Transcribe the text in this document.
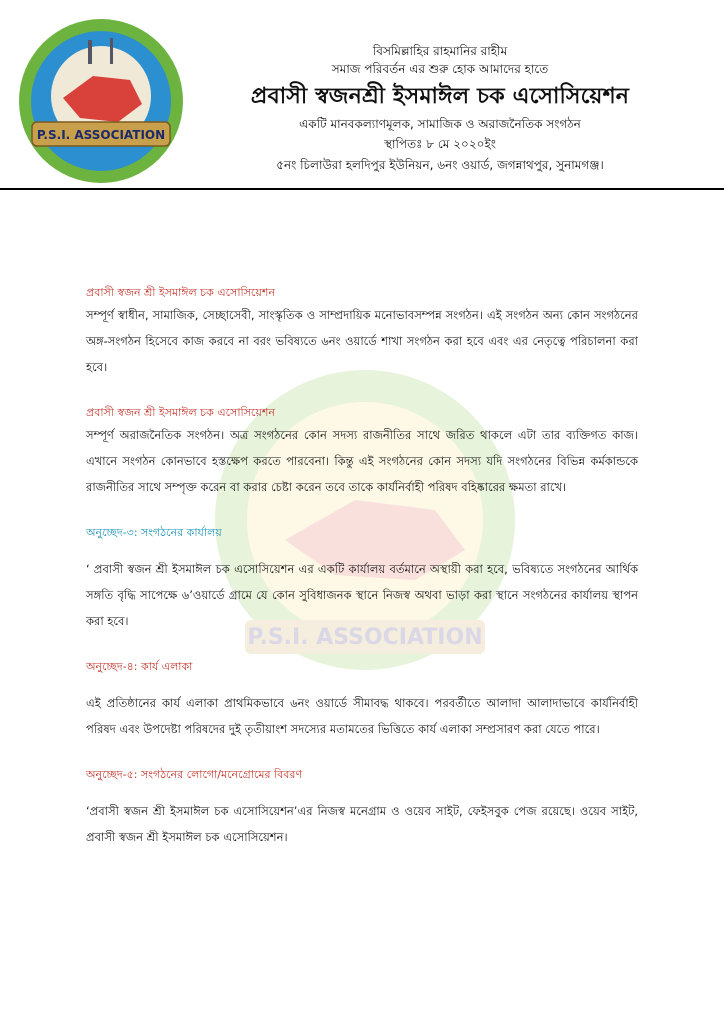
P.S.I. ASSOCIATION
P.S.I. ASSOCIATION
বিসমিল্লাহির রাহমানির রাহীম
সমাজ পরিবর্তন এর শুরু হোক আমাদের হাতে
প্রবাসী স্বজনশ্রী ইসমাঈল চক এসোসিয়েশন
একটি মানবকল্যাণমূলক, সামাজিক ও অরাজনৈতিক সংগঠন
স্থাপিতঃ ৮ মে ২০২০ইং
৫নং চিলাউরা হলদিপুর ইউনিয়ন, ৬নং ওয়ার্ড, জগন্নাথপুর, সুনামগঞ্জ।
প্রবাসী স্বজন শ্রী ইসমাঈল চক এসোসিয়েশন
সম্পূর্ণ স্বাধীন, সামাজিক, সেচ্ছাসেবী, সাংস্কৃতিক ও সাম্প্রদায়িক মনোভাবসম্পন্ন সংগঠন। এই সংগঠন অন্য কোন সংগঠনের অঙ্গ-সংগঠন হিসেবে কাজ করবে না বরং ভবিষ্যতে ৬নং ওয়ার্ডে শাখা সংগঠন করা হবে এবং এর নেতৃত্বে পরিচালনা করা হবে।
প্রবাসী স্বজন শ্রী ইসমাঈল চক এসোসিয়েশন
সম্পূর্ণ অরাজনৈতিক সংগঠন। অত্র সংগঠনের কোন সদস্য রাজনীতির সাথে জরিত থাকলে এটা তার ব্যক্তিগত কাজ। এখানে সংগঠন কোনভাবে হস্তক্ষেপ করতে পারবেনা। কিন্তু এই সংগঠনের কোন সদস্য যদি সংগঠনের বিভিন্ন কর্মকান্ডকে রাজনীতির সাথে সম্পৃক্ত করেন বা করার চেষ্টা করেন তবে তাকে কার্যনির্বাহী পরিষদ বহিষ্কারের ক্ষমতা রাখে।
অনুচ্ছেদ-৩: সংগঠনের কার্যালয়
‘ প্রবাসী স্বজন শ্রী ইসমাঈল চক এসোসিয়েশন এর একটি কার্যালয় বর্তমানে অস্থায়ী করা হবে, ভবিষ্যতে সংগঠনের আর্থিক সঙ্গতি বৃদ্ধি সাপেক্ষে ৬’ওয়ার্ডে গ্রামে যে কোন সুবিধাজনক স্থানে নিজস্ব অথবা ভাড়া করা স্থানে সংগঠনের কার্যালয় স্থাপন করা হবে।
অনুচ্ছেদ-৪: কার্য এলাকা
এই প্রতিষ্ঠানের কার্য এলাকা প্রাথমিকভাবে ৬নং ওয়ার্ডে সীমাবদ্ধ থাকবে। পরবর্তীতে আলাদা আলাদাভাবে কার্যনির্বাহী পরিষদ এবং উপদেষ্টা পরিষদের দুই তৃতীয়াংশ সদস্যের মতামতের ভিত্তিতে কার্য এলাকা সম্প্রসারণ করা যেতে পারে।
অনুচ্ছেদ-৫: সংগঠনের লোগো/মনেগ্রোমের বিবরণ
‘প্রবাসী স্বজন শ্রী ইসমাঈল চক এসোসিয়েশন’এর নিজস্ব মনেগ্রাম ও ওয়েব সাইট, ফেইসবুক পেজ রয়েছে। ওয়েব সাইট, প্রবাসী স্বজন শ্রী ইসমাঈল চক এসোসিয়েশন।
